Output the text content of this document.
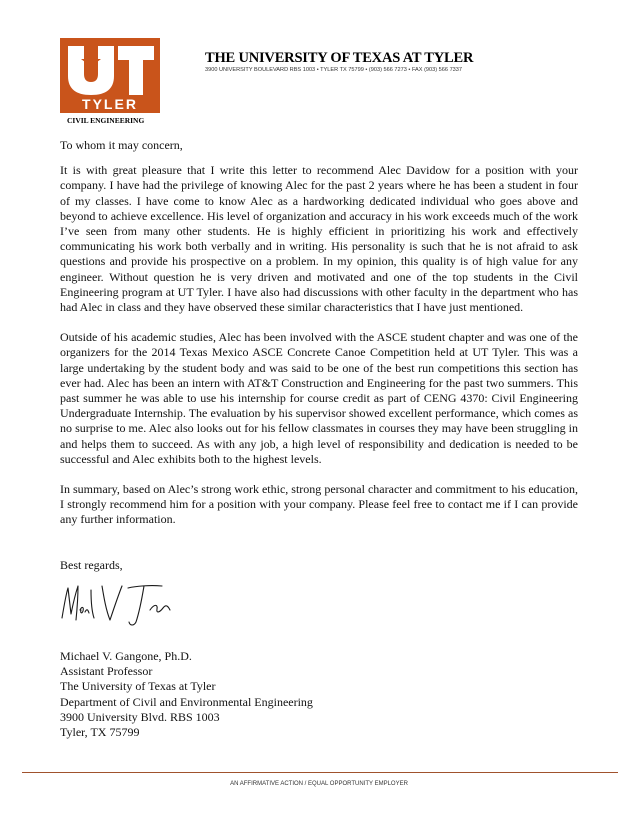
TYLER
THE UNIVERSITY OF TEXAS AT TYLER
3900 UNIVERSITY BOULEVARD RBS 1003 • TYLER TX 75799 • (903) 566 7273 • FAX (903) 566 7337
CIVIL ENGINEERING

To whom it may concern,

It is with great pleasure that I write this letter to recommend Alec Davidow for a position with your company. I have had the privilege of knowing Alec for the past 2 years where he has been a student in four of my classes. I have come to know Alec as a hardworking dedicated individual who goes above and beyond to achieve excellence. His level of organization and accuracy in his work exceeds much of the work I’ve seen from many other students. He is highly efficient in prioritizing his work and effectively communicating his work both verbally and in writing. His personality is such that he is not afraid to ask questions and provide his prospective on a problem. In my opinion, this quality is of high value for any engineer. Without question he is very driven and motivated and one of the top students in the Civil Engineering program at UT Tyler. I have also had discussions with other faculty in the department who has had Alec in class and they have observed these similar characteristics that I have just mentioned.

Outside of his academic studies, Alec has been involved with the ASCE student chapter and was one of the organizers for the 2014 Texas Mexico ASCE Concrete Canoe Competition held at UT Tyler. This was a large undertaking by the student body and was said to be one of the best run competitions this section has ever had. Alec has been an intern with AT&T Construction and Engineering for the past two summers. This past summer he was able to use his internship for course credit as part of CENG 4370: Civil Engineering Undergraduate Internship. The evaluation by his supervisor showed excellent performance, which comes as no surprise to me. Alec also looks out for his fellow classmates in courses they may have been struggling in and helps them to succeed. As with any job, a high level of responsibility and dedication is needed to be successful and Alec exhibits both to the highest levels.

In summary, based on Alec’s strong work ethic, strong personal character and commitment to his education, I strongly recommend him for a position with your company. Please feel free to contact me if I can provide any further information.

Best regards,
Michael V. Gangone, Ph.D.
Assistant Professor
The University of Texas at Tyler
Department of Civil and Environmental Engineering
3900 University Blvd. RBS 1003
Tyler, TX 75799
AN AFFIRMATIVE ACTION / EQUAL OPPORTUNITY EMPLOYER
